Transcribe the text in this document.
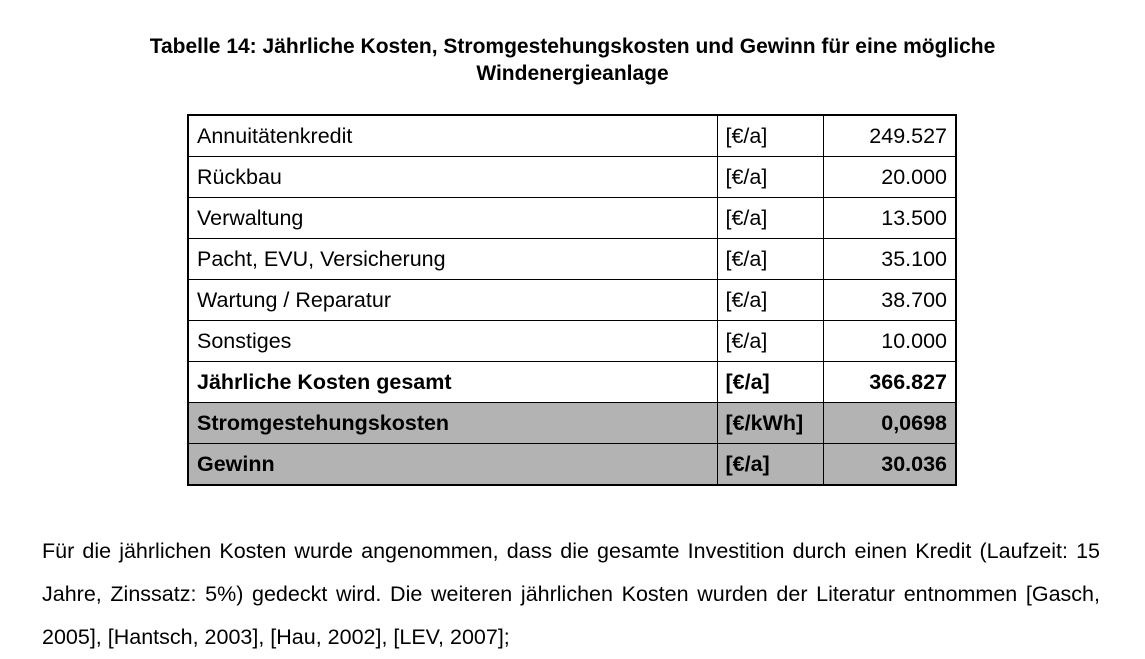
Tabelle 14: Jährliche Kosten, Stromgestehungskosten und Gewinn für eine mögliche
Windenergieanlage
Annuitätenkredit	[€/a]	249.527
Rückbau	[€/a]	20.000
Verwaltung	[€/a]	13.500
Pacht, EVU, Versicherung	[€/a]	35.100
Wartung / Reparatur	[€/a]	38.700
Sonstiges	[€/a]	10.000
Jährliche Kosten gesamt	[€/a]	366.827
Stromgestehungskosten	[€/kWh]	0,0698
Gewinn	[€/a]	30.036

Für die jährlichen Kosten wurde angenommen, dass die gesamte Investition durch einen Kredit (Laufzeit: 15 Jahre, Zinssatz: 5%) gedeckt wird. Die weiteren jährlichen Kosten wurden der Literatur entnommen [Gasch, 2005], [Hantsch, 2003], [Hau, 2002], [LEV, 2007];
